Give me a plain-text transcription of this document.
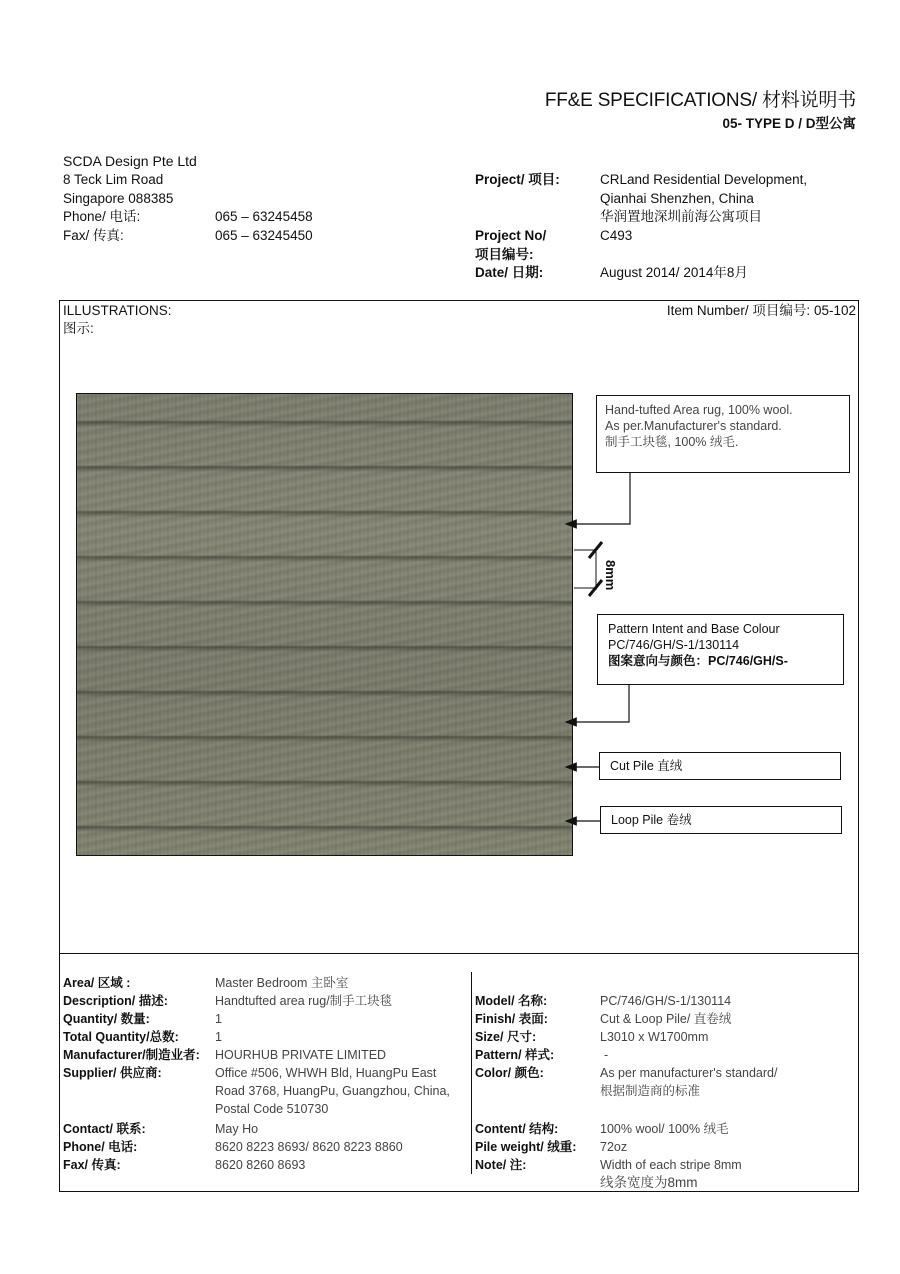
FF&E SPECIFICATIONS/ 材料说明书
05- TYPE D / D型公寓
SCDA Design Pte Ltd
8 Teck Lim Road
Singapore 088385
Phone/ 电话:	065 – 63245458
Fax/ 传真:	065 – 63245450
Project/ 项目:	CRLand Residential Development,
Qianhai Shenzhen, China
华润置地深圳前海公寓项目
Project No/	C493
项目编号:
Date/ 日期:	August 2014/ 2014年8月
ILLUSTRATIONS:
图示:
Item Number/ 项目编号: 05-102
Hand-tufted Area rug, 100% wool.
As per.Manufacturer's standard.
制手工块毯, 100% 绒毛.
Pattern Intent and Base Colour
PC/746/GH/S-1/130114
图案意向与颜色：PC/746/GH/S-
Cut Pile 直绒
Loop Pile 卷绒
8mm
Area/ 区域 :	Master Bedroom 主卧室
Description/ 描述:	Handtufted area rug/制手工块毯
Quantity/ 数量:	1
Total Quantity/总数:	1
Manufacturer/制造业者: HOURHUB PRIVATE LIMITED
Supplier/ 供应商:	Office #506, WHWH Bld, HuangPu East
Road 3768, HuangPu, Guangzhou, China,
Postal Code 510730
Contact/ 联系:	May Ho
Phone/ 电话:	8620 8223 8693/ 8620 8223 8860
Fax/ 传真:	8620 8260 8693
Model/ 名称:	PC/746/GH/S-1/130114
Finish/ 表面:	Cut & Loop Pile/ 直卷绒
Size/ 尺寸:	L3010 x W1700mm
Pattern/ 样式:	-
Color/ 颜色:	As per manufacturer's standard/
根据制造商的标准
Content/ 结构:	100% wool/ 100% 绒毛
Pile weight/ 绒重: 72oz
Note/ 注:	Width of each stripe 8mm
线条宽度为8mm
